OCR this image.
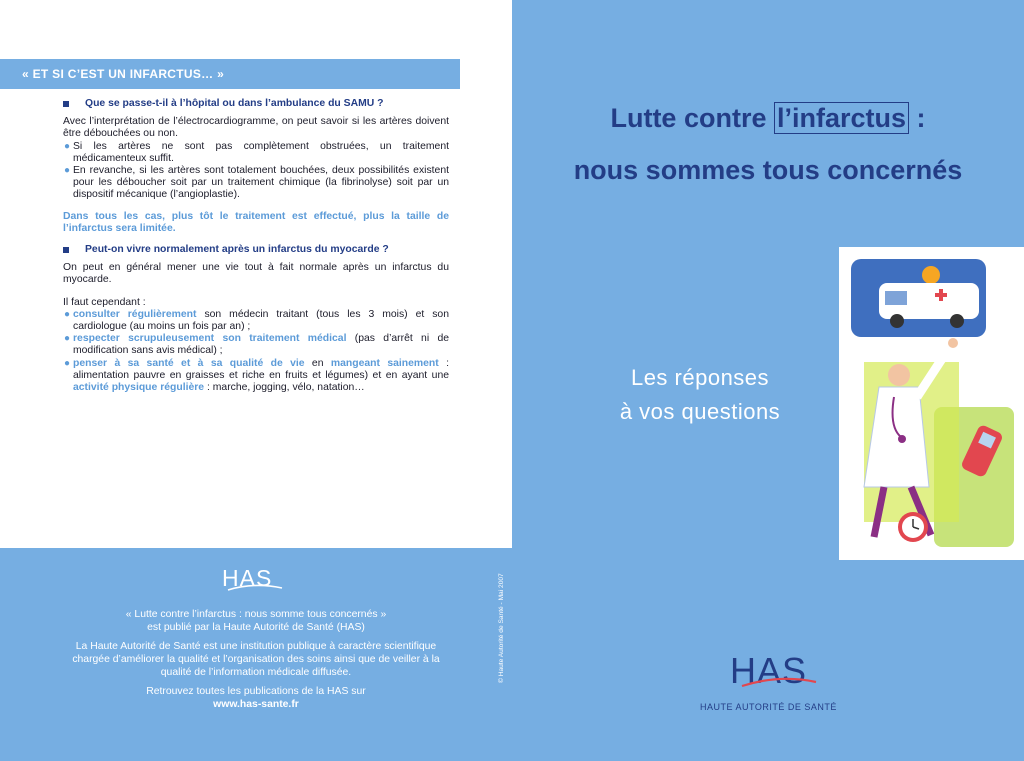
« ET SI C’EST UN INFARCTUS… »
Que se passe-t-il à l’hôpital ou dans l’ambulance du SAMU ?

Avec l’interprétation de l’électrocardiogramme, on peut savoir si les artères doivent être débouchées ou non.

● Si les artères ne sont pas complètement obstruées, un traitement médicamenteux suffit.
● En revanche, si les artères sont totalement bouchées, deux possibilités existent pour les déboucher soit par un traitement chimique (la fibrinolyse) soit par un dispositif mécanique (l’angioplastie).

Dans tous les cas, plus tôt le traitement est effectué, plus la taille de l’infarctus sera limitée.

Peut-on vivre normalement après un infarctus du myocarde ?

On peut en général mener une vie tout à fait normale après un infarctus du myocarde.

Il faut cependant :

● consulter régulièrement son médecin traitant (tous les 3 mois) et son cardiologue (au moins un fois par an) ;
● respecter scrupuleusement son traitement médical (pas d’arrêt ni de modification sans avis médical) ;
● penser à sa santé et à sa qualité de vie en mangeant sainement : alimentation pauvre en graisses et riche en fruits et légumes) et en ayant une activité physique régulière : marche, jogging, vélo, natation…
HAS
« Lutte contre l’infarctus : nous somme tous concernés »
est publié par la Haute Autorité de Santé (HAS)
La Haute Autorité de Santé est une institution publique à caractère scientifique chargée d’améliorer la qualité et l’organisation des soins ainsi que de veiller à la qualité de l’information médicale diffusée.
Retrouvez toutes les publications de la HAS sur
www.has-sante.fr
© Haute Autorité de Santé - Mai 2007
Lutte contre l’infarctus :
nous sommes tous concernés
Les réponses
à vos questions
HAS
HAUTE AUTORITÉ DE SANTÉ
